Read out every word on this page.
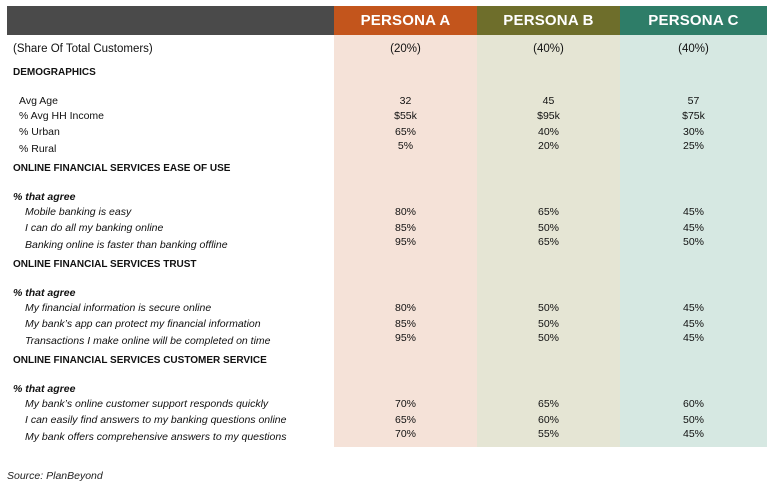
	PERSONA A	PERSONA B	PERSONA C
(Share Of Total Customers)	(20%)	(40%)	(40%)
DEMOGRAPHICS			

Avg Age	32	45	57
% Avg HH Income	$55k	$95k	$75k
% Urban	65%	40%	30%
% Rural	5%	20%	25%
ONLINE FINANCIAL SERVICES EASE OF USE			

% that agree			
Mobile banking is easy	80%	65%	45%
I can do all my banking online	85%	50%	45%
Banking online is faster than banking offline	95%	65%	50%
ONLINE FINANCIAL SERVICES TRUST			

% that agree			
My financial information is secure online	80%	50%	45%
My bank’s app can protect my financial information	85%	50%	45%
Transactions I make online will be completed on time	95%	50%	45%
ONLINE FINANCIAL SERVICES CUSTOMER SERVICE			

% that agree			
My bank’s online customer support responds quickly	70%	65%	60%
I can easily find answers to my banking questions online	65%	60%	50%
My bank offers comprehensive answers to my questions	70%	55%	45%
Source: PlanBeyond
